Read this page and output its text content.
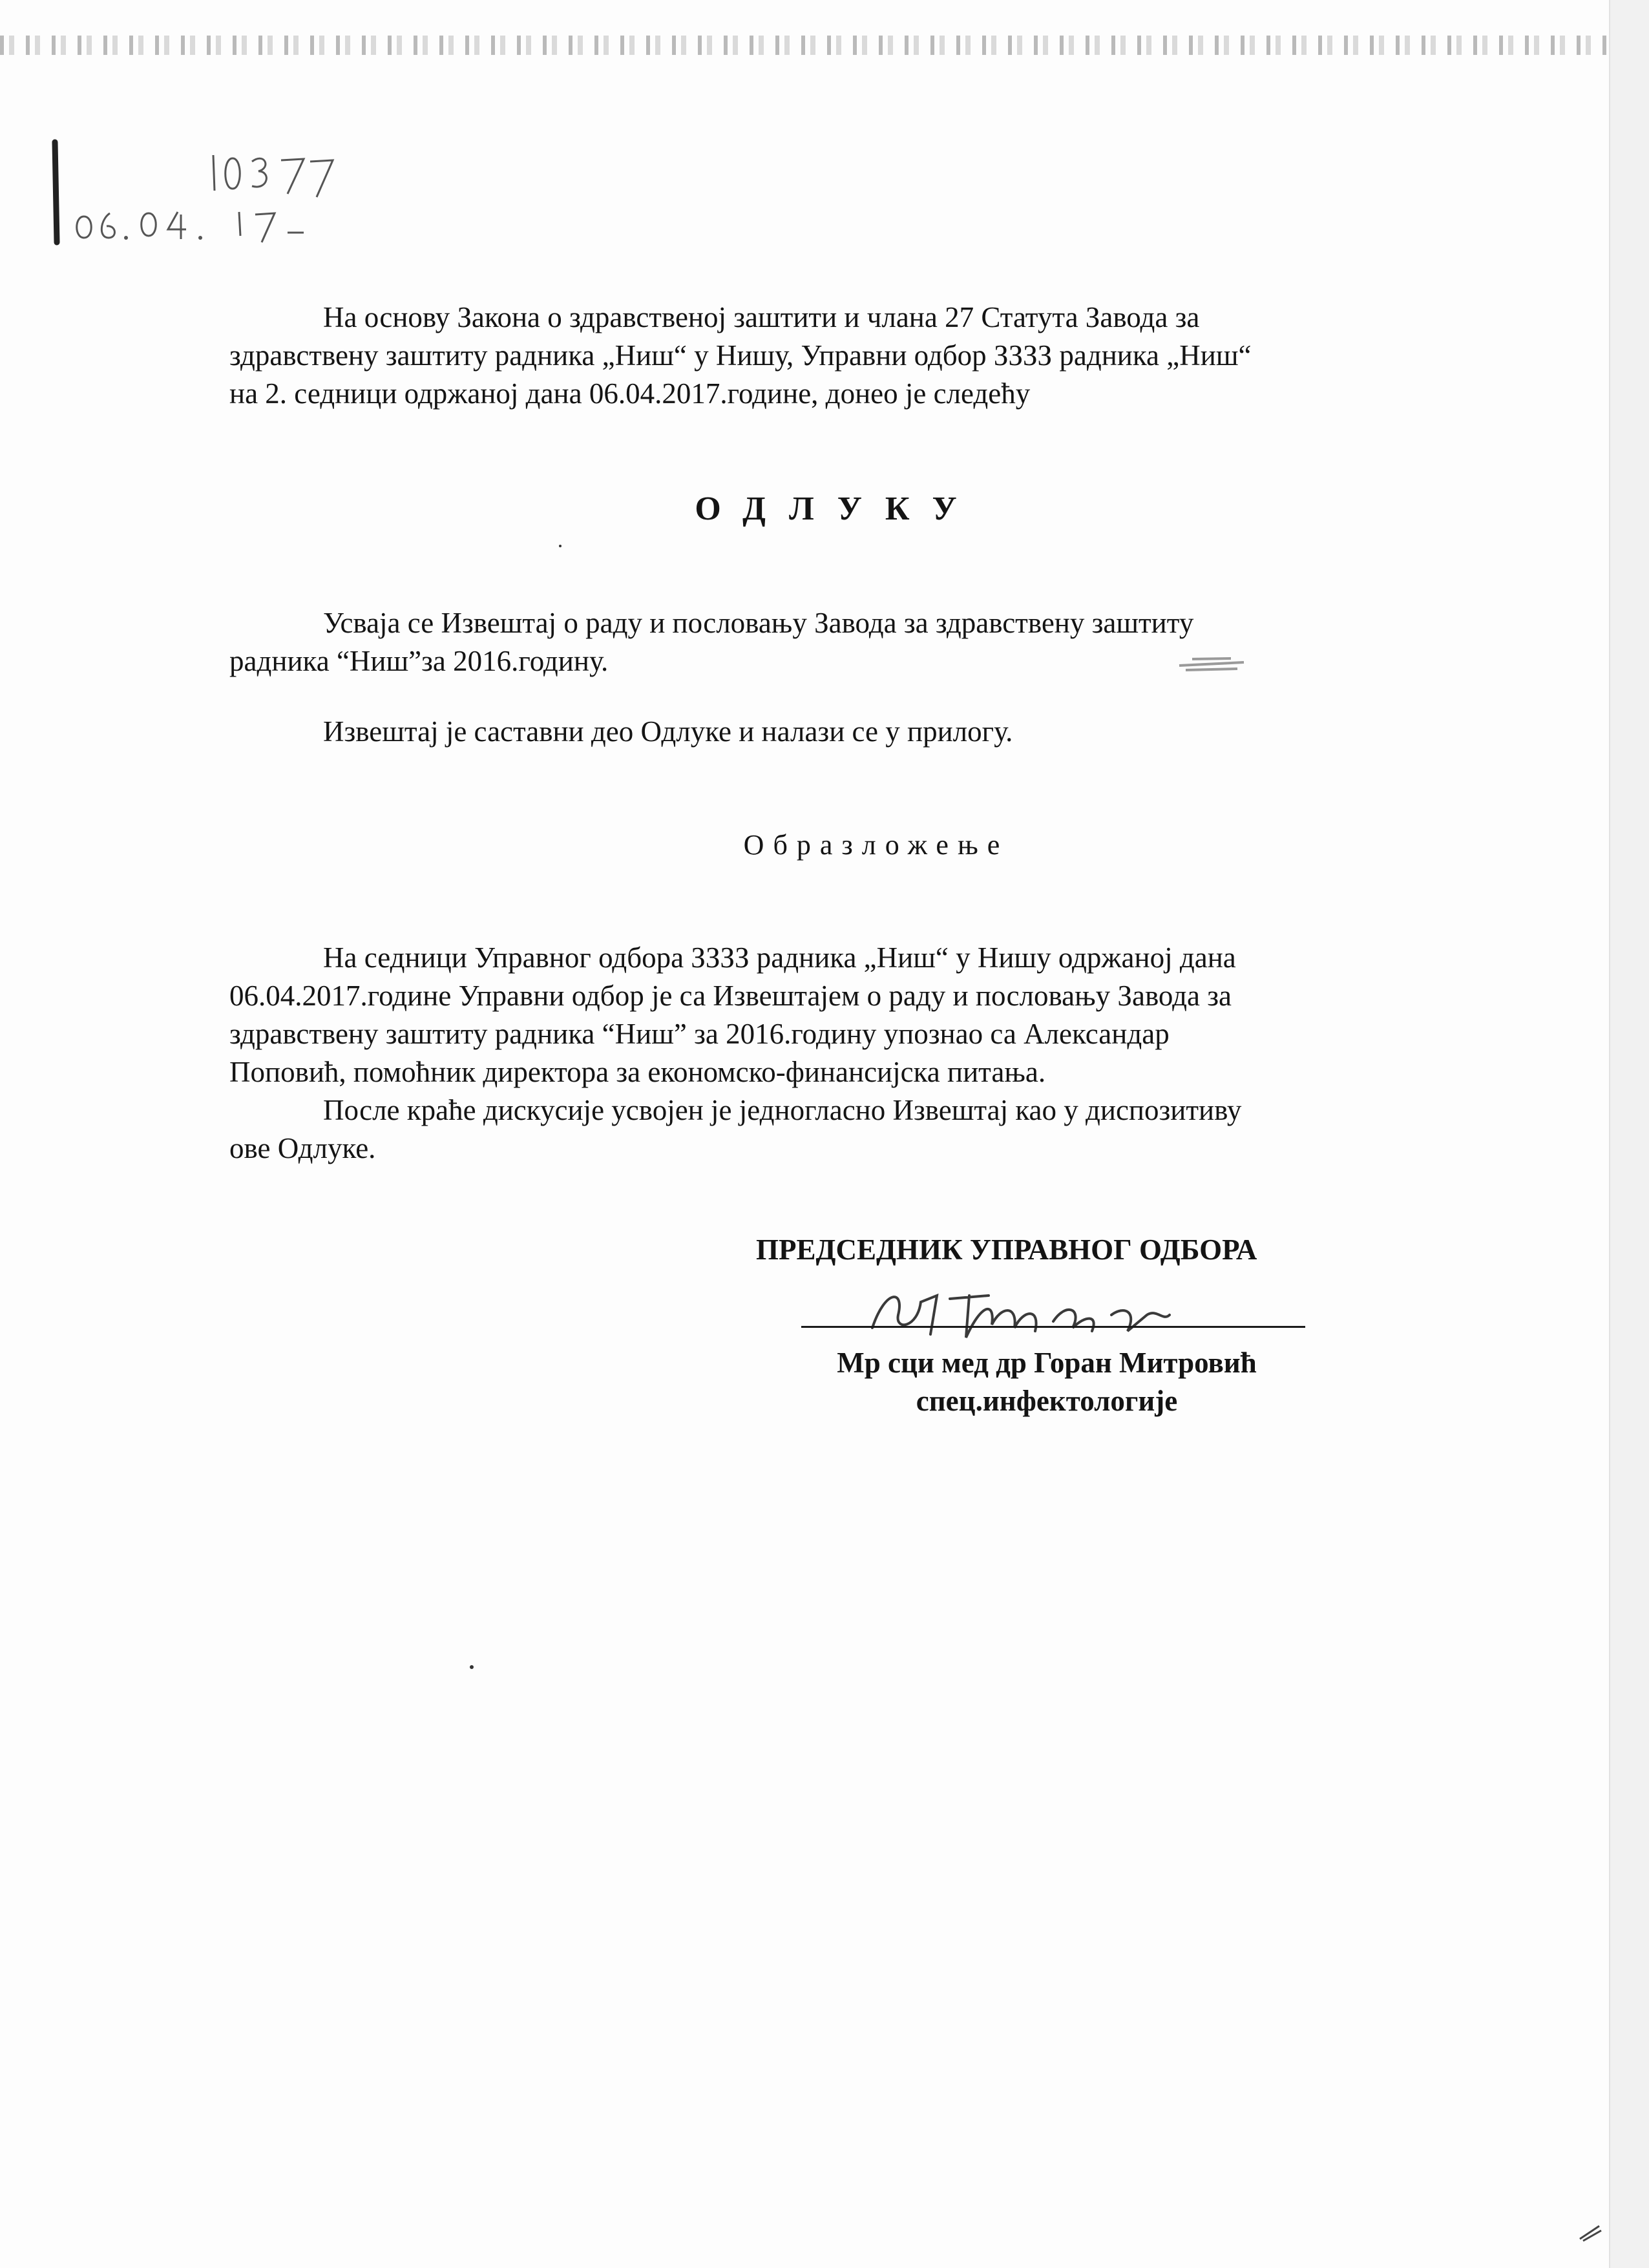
На основу Закона о здравственој заштити и члана 27 Статута Завода за
здравствену заштиту радника „Ниш“ у Нишу, Управни одбор ЗЗЗЗ радника „Ниш“
на 2. седници одржаној дана 06.04.2017.године, донео је следећу
ОДЛУКУ
Усваја се Извештај о раду и пословању Завода за здравствену заштиту
радника “Ниш”за 2016.годину.
Извештај је саставни део Одлуке и налази се у прилогу.
Образложење
На седници Управног одбора ЗЗЗЗ радника „Ниш“ у Нишу одржаној дана
06.04.2017.године Управни одбор је са Извештајем о раду и пословању Завода за
здравствену заштиту радника “Ниш” за 2016.годину упознао са Александар
Поповић, помоћник директора за економско-финансијска питања.
После краће дискусије усвојен је једногласно Извештај као у диспозитиву
ове Одлуке.
ПРЕДСЕДНИК УПРАВНОГ ОДБОРА
Мр сци мед др Горан Митровић
спец.инфектологије
